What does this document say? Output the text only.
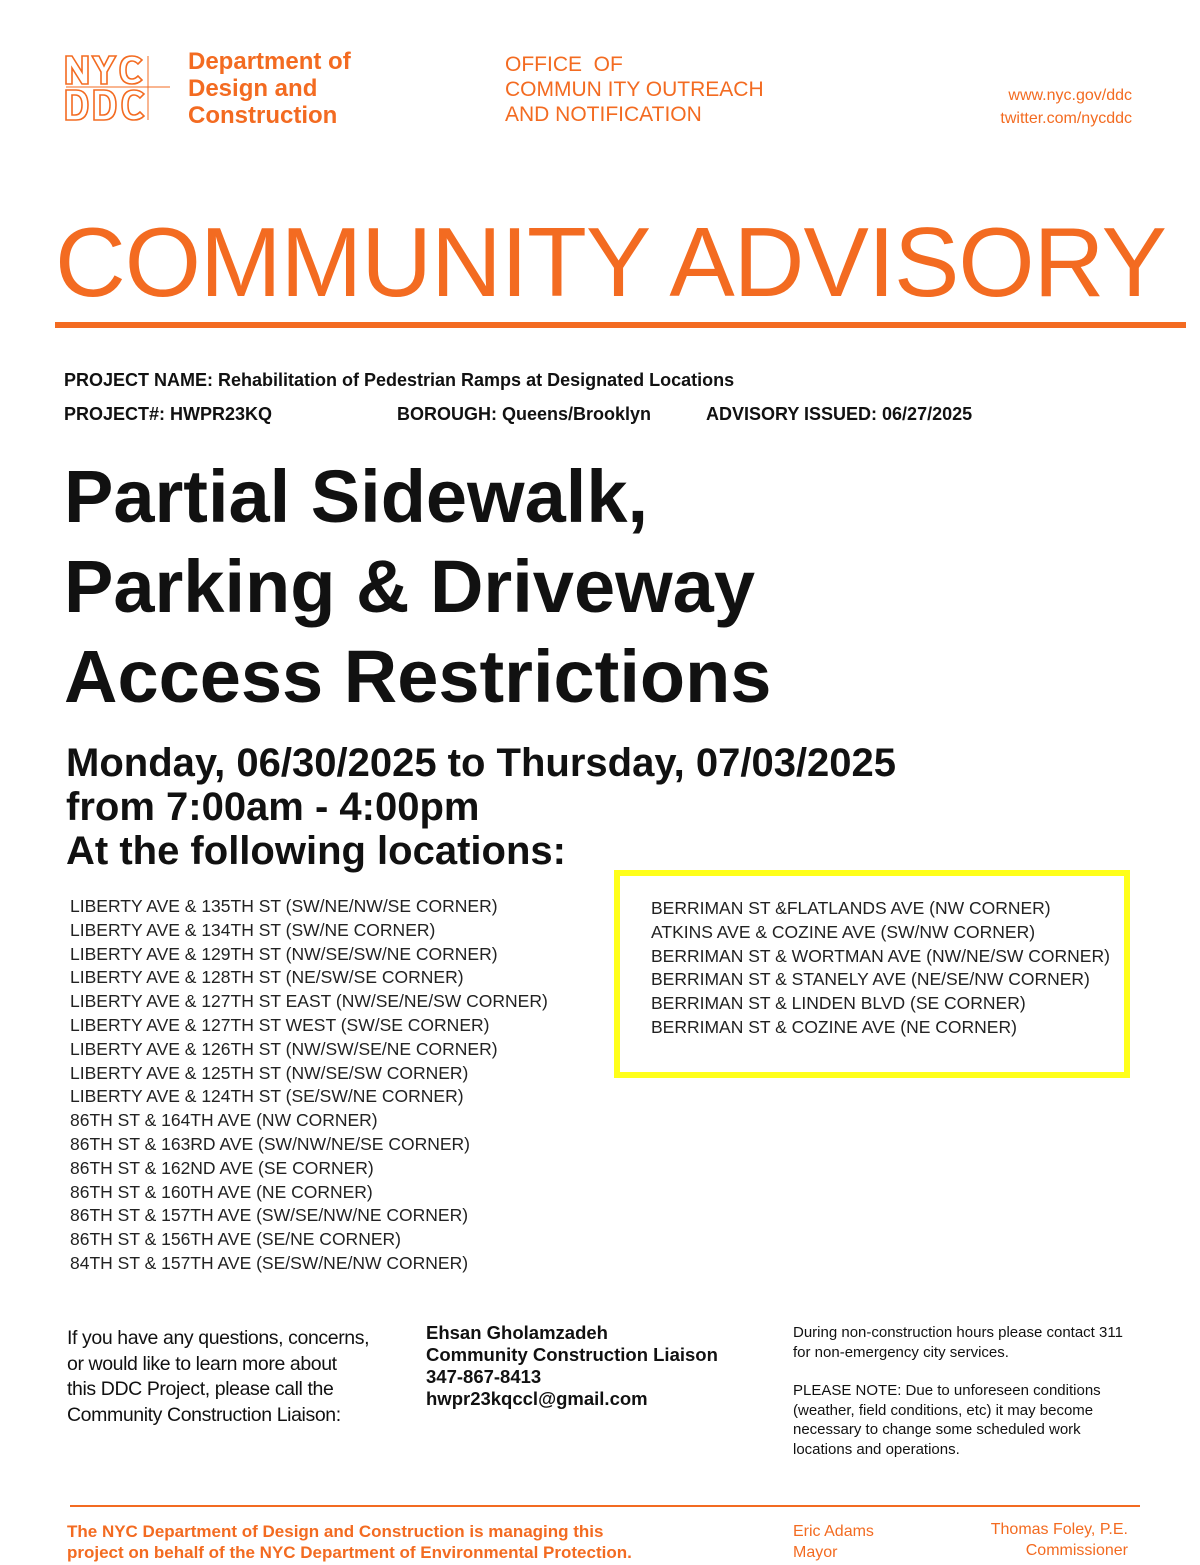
Department of
Design and
Construction
OFFICE  OF
COMMUN ITY OUTREACH
AND NOTIFICATION
www.nyc.gov/ddc
twitter.com/nycddc
COMMUNITY ADVISORY
PROJECT NAME: Rehabilitation of Pedestrian Ramps at Designated Locations
PROJECT#: HWPR23KQ	BOROUGH: Queens/Brooklyn	ADVISORY ISSUED: 06/27/2025
Partial Sidewalk,
Parking & Driveway
Access Restrictions
Monday, 06/30/2025 to Thursday, 07/03/2025
from 7:00am - 4:00pm
At the following locations:
LIBERTY AVE & 135TH ST (SW/NE/NW/SE CORNER)
LIBERTY AVE & 134TH ST (SW/NE CORNER)
LIBERTY AVE & 129TH ST (NW/SE/SW/NE CORNER)
LIBERTY AVE & 128TH ST (NE/SW/SE CORNER)
LIBERTY AVE & 127TH ST EAST (NW/SE/NE/SW CORNER)
LIBERTY AVE & 127TH ST WEST (SW/SE CORNER)
LIBERTY AVE & 126TH ST (NW/SW/SE/NE CORNER)
LIBERTY AVE & 125TH ST (NW/SE/SW CORNER)
LIBERTY AVE & 124TH ST (SE/SW/NE CORNER)
86TH ST & 164TH AVE (NW CORNER)
86TH ST & 163RD AVE (SW/NW/NE/SE CORNER)
86TH ST & 162ND AVE (SE CORNER)
86TH ST & 160TH AVE (NE CORNER)
86TH ST & 157TH AVE (SW/SE/NW/NE CORNER)
86TH ST & 156TH AVE (SE/NE CORNER)
84TH ST & 157TH AVE (SE/SW/NE/NW CORNER)
BERRIMAN ST &FLATLANDS AVE (NW CORNER)
ATKINS AVE & COZINE AVE (SW/NW CORNER)
BERRIMAN ST & WORTMAN AVE (NW/NE/SW CORNER)
BERRIMAN ST & STANELY AVE (NE/SE/NW CORNER)
BERRIMAN ST & LINDEN BLVD (SE CORNER)
BERRIMAN ST & COZINE AVE (NE CORNER)
If you have any questions, concerns,
or would like to learn more about
this DDC Project, please call the
Community Construction Liaison:
Ehsan Gholamzadeh
Community Construction Liaison
347-867-8413
hwpr23kqccl@gmail.com

During non-construction hours please contact 311 for non-emergency city services.

PLEASE NOTE: Due to unforeseen conditions (weather, field conditions, etc) it may become necessary to change some scheduled work locations and operations.

The NYC Department of Design and Construction is managing this
project on behalf of the NYC Department of Environmental Protection.
Eric Adams
Mayor
Thomas Foley, P.E.
Commissioner
